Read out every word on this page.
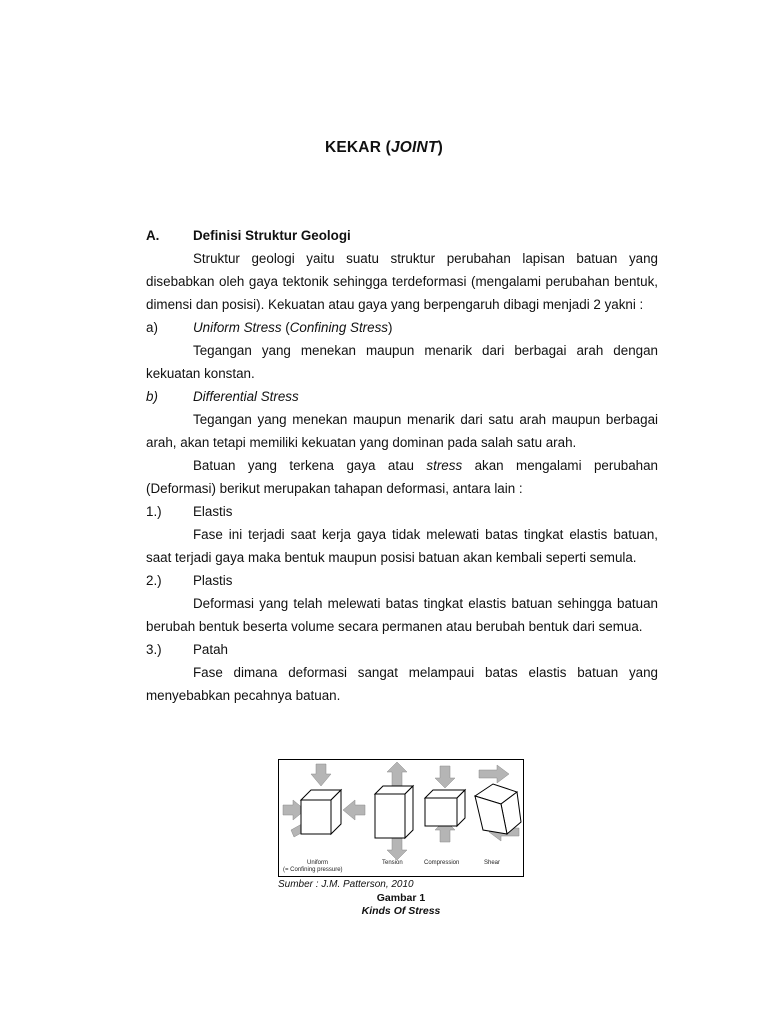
KEKAR (JOINT)
A.	Definisi Struktur Geologi

Struktur geologi yaitu suatu struktur perubahan lapisan batuan yang disebabkan oleh gaya tektonik sehingga terdeformasi (mengalami perubahan bentuk, dimensi dan posisi). Kekuatan atau gaya yang berpengaruh dibagi menjadi 2 yakni :

a)	Uniform Stress (Confining Stress)

Tegangan yang menekan maupun menarik dari berbagai arah dengan kekuatan konstan.

b)	Differential Stress

Tegangan yang menekan maupun menarik dari satu arah maupun berbagai arah, akan tetapi memiliki kekuatan yang dominan pada salah satu arah.

Batuan yang terkena gaya atau stress akan mengalami perubahan (Deformasi) berikut merupakan tahapan deformasi, antara lain :

1.)	Elastis

Fase ini terjadi saat kerja gaya tidak melewati batas tingkat elastis batuan, saat terjadi gaya maka bentuk maupun posisi batuan akan kembali seperti semula.

2.)	Plastis

Deformasi yang telah melewati batas tingkat elastis batuan sehingga batuan berubah bentuk beserta volume secara permanen atau berubah bentuk dari semua.

3.)	Patah

Fase dimana deformasi sangat melampaui batas elastis batuan yang menyebabkan pecahnya batuan.

Uniform
(= Confining pressure)
Tension	Compression	Shear
Sumber : J.M. Patterson, 2010
Gambar 1
Kinds Of Stress
